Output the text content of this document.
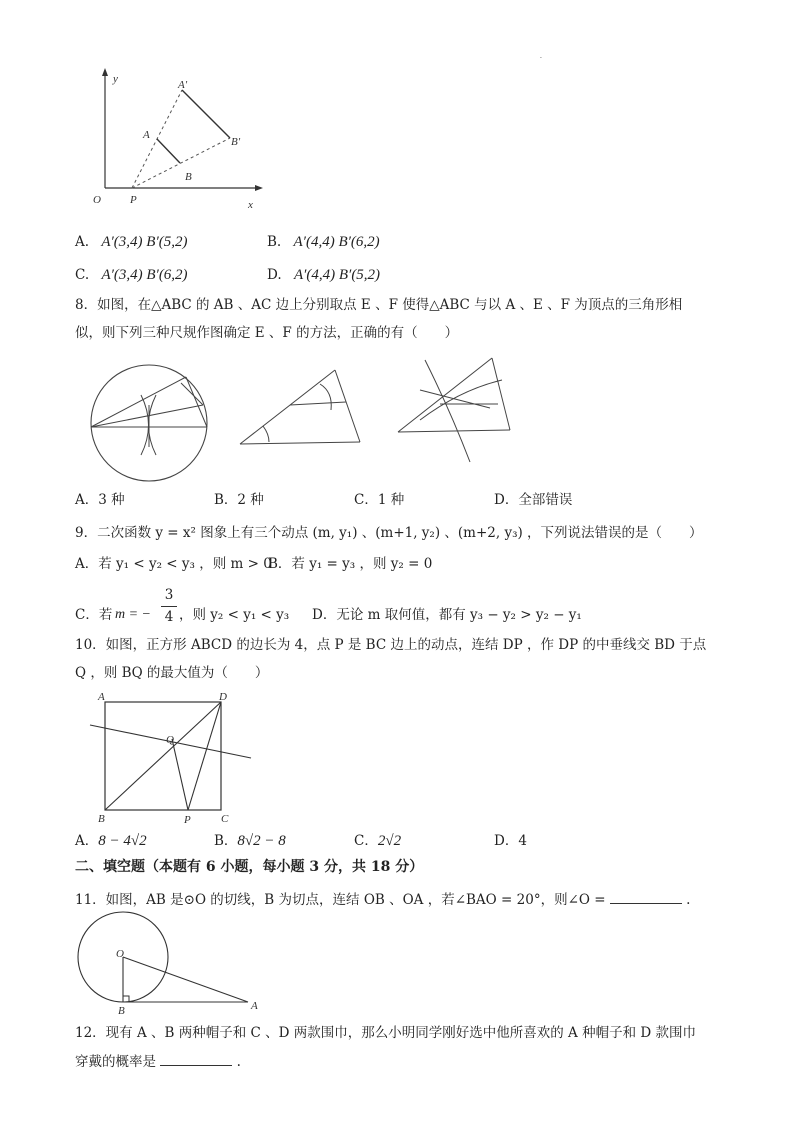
·
y
x
O	P
A
B
A′
B′
A. A′(3,4) B′(5,2)	B. A′(4,4) B′(6,2)
C. A′(3,4) B′(6,2)	D. A′(4,4) B′(5,2)
8．如图，在△ABC 的 AB 、AC 边上分别取点 E 、F 使得△ABC 与以 A 、E 、F 为顶点的三角形相
似，则下列三种尺规作图确定 E 、F 的方法，正确的有（　　）
A．3 种	B．2 种	C．1 种	D．全部错误
9．二次函数 y = x² 图象上有三个动点 (m, y₁) 、(m+1, y₂) 、(m+2, y₃) ，下列说法错误的是（　　）
A．若 y₁ < y₂ < y₃ ，则 m > 0
B．若 y₁ = y₃ ，则 y₂ = 0
C．若 m = −
3
4 ，则 y₂ < y₁ < y₃ D．无论 m 取何值，都有 y₃ − y₂ > y₂ − y₁
10．如图，正方形 ABCD 的边长为 4，点 P 是 BC 边上的动点，连结 DP ，作 DP 的中垂线交 BD 于点
Q ，则 BQ 的最大值为（　　）
A	D
B	C
P
Q
A．8 − 4√2	B．8√2 − 8	C．2√2	D．4
二、填空题（本题有 6 小题，每小题 3 分，共 18 分）
11．如图，AB 是⊙O 的切线，B 为切点，连结 OB 、OA ，若∠BAO = 20°，则∠O =	.
O
B	A
12．现有 A 、B 两种帽子和 C 、D 两款围巾，那么小明同学刚好选中他所喜欢的 A 种帽子和 D 款围巾
穿戴的概率是	.
